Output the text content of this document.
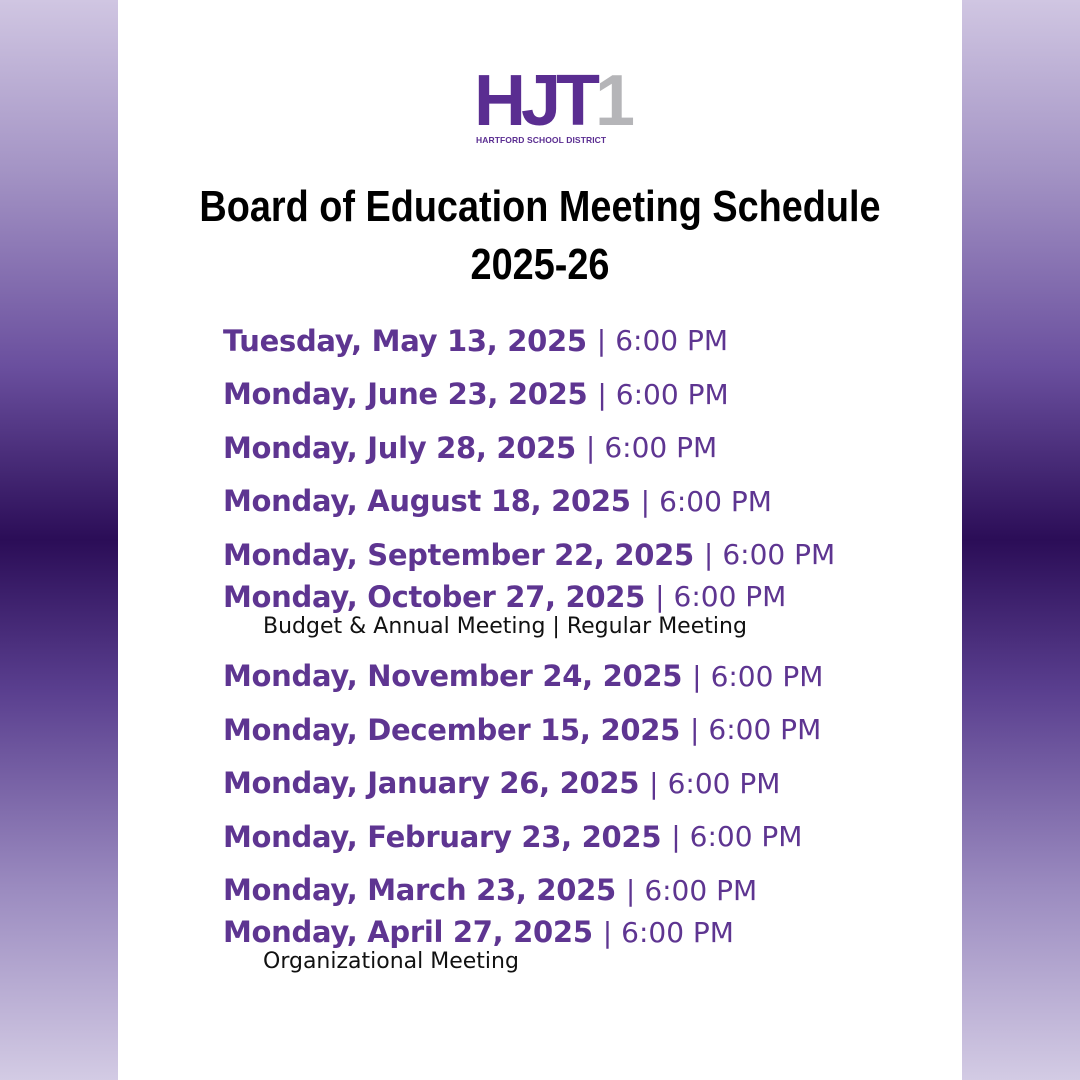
H J T 1
HARTFORD SCHOOL DISTRICT
Board of Education Meeting Schedule
2025-26
Tuesday, May 13, 2025 | 6:00 PM
Monday, June 23, 2025 | 6:00 PM
Monday, July 28, 2025 | 6:00 PM
Monday, August 18, 2025 | 6:00 PM
Monday, September 22, 2025 | 6:00 PM
Monday, October 27, 2025 | 6:00 PM
Budget & Annual Meeting | Regular Meeting
Monday, November 24, 2025 | 6:00 PM
Monday, December 15, 2025 | 6:00 PM
Monday, January 26, 2025 | 6:00 PM
Monday, February 23, 2025 | 6:00 PM
Monday, March 23, 2025 | 6:00 PM
Monday, April 27, 2025 | 6:00 PM
Organizational Meeting
